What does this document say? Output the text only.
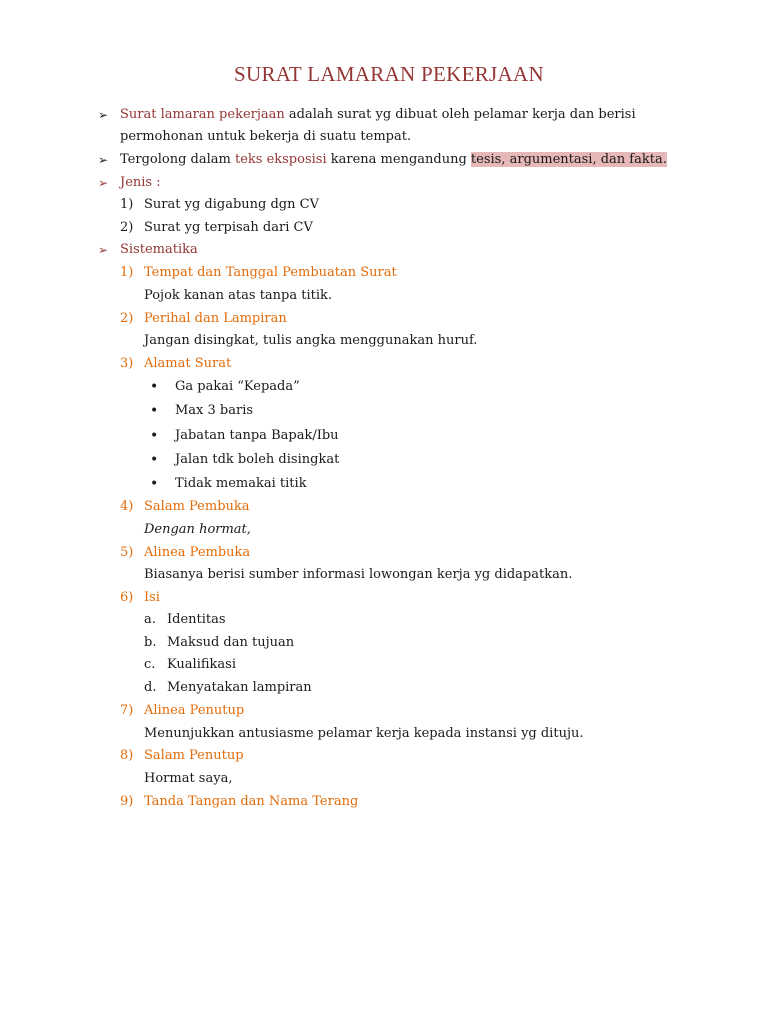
SURAT LAMARAN PEKERJAAN
➢ Surat lamaran pekerjaan adalah surat yg dibuat oleh pelamar kerja dan berisi
permohonan untuk bekerja di suatu tempat.
➢ Tergolong dalam teks eksposisi karena mengandung tesis, argumentasi, dan fakta.
➢ Jenis :
1) Surat yg digabung dgn CV
2) Surat yg terpisah dari CV
➢ Sistematika
1) Tempat dan Tanggal Pembuatan Surat
Pojok kanan atas tanpa titik.
2) Perihal dan Lampiran
Jangan disingkat, tulis angka menggunakan huruf.
3) Alamat Surat
• Ga pakai “Kepada”
• Max 3 baris
• Jabatan tanpa Bapak/Ibu
• Jalan tdk boleh disingkat
• Tidak memakai titik
4) Salam Pembuka
Dengan hormat,
5) Alinea Pembuka
Biasanya berisi sumber informasi lowongan kerja yg didapatkan.
6) Isi
a. Identitas
b. Maksud dan tujuan
c. Kualifikasi
d. Menyatakan lampiran
7) Alinea Penutup
Menunjukkan antusiasme pelamar kerja kepada instansi yg dituju.
8) Salam Penutup
Hormat saya,
9) Tanda Tangan dan Nama Terang
